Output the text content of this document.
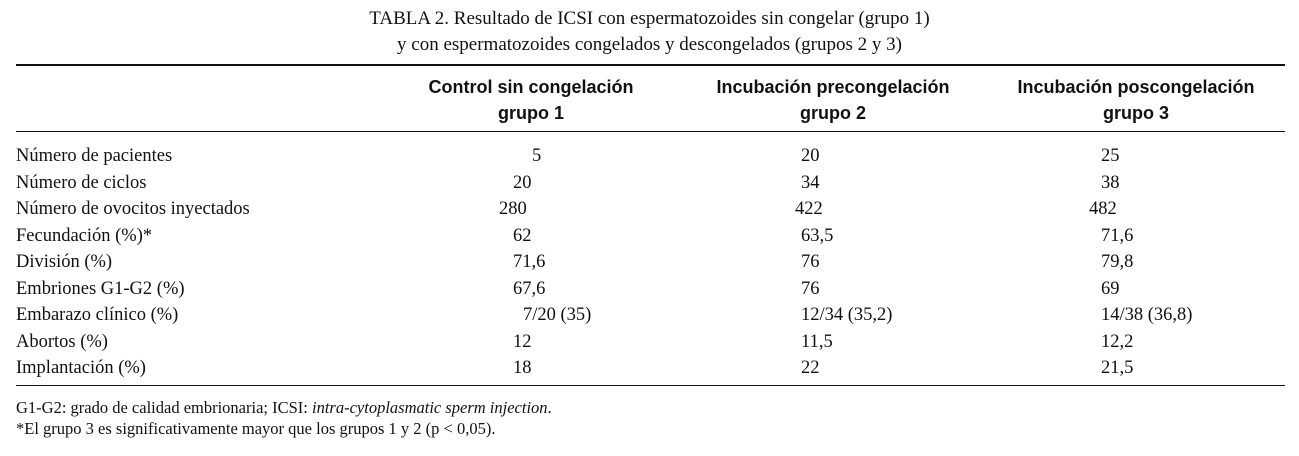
TABLA 2. Resultado de ICSI con espermatozoides sin congelar (grupo 1)
y con espermatozoides congelados y descongelados (grupos 2 y 3)
Control sin congelación
grupo 1
Incubación precongelación
grupo 2
Incubación poscongelación
grupo 3
Número de pacientes	5	20	25
Número de ciclos	20	34	38
Número de ovocitos inyectados	280	422	482
Fecundación (%)*	62	63,5	71,6
División (%)	71,6	76	79,8
Embriones G1-G2 (%)	67,6	76	69
Embarazo clínico (%)	7/20 (35)	12/34 (35,2)	14/38 (36,8)
Abortos (%)	12	11,5	12,2
Implantación (%)	18	22	21,5
G1-G2: grado de calidad embrionaria; ICSI: intra-cytoplasmatic sperm injection.
*El grupo 3 es significativamente mayor que los grupos 1 y 2 (p < 0,05).
